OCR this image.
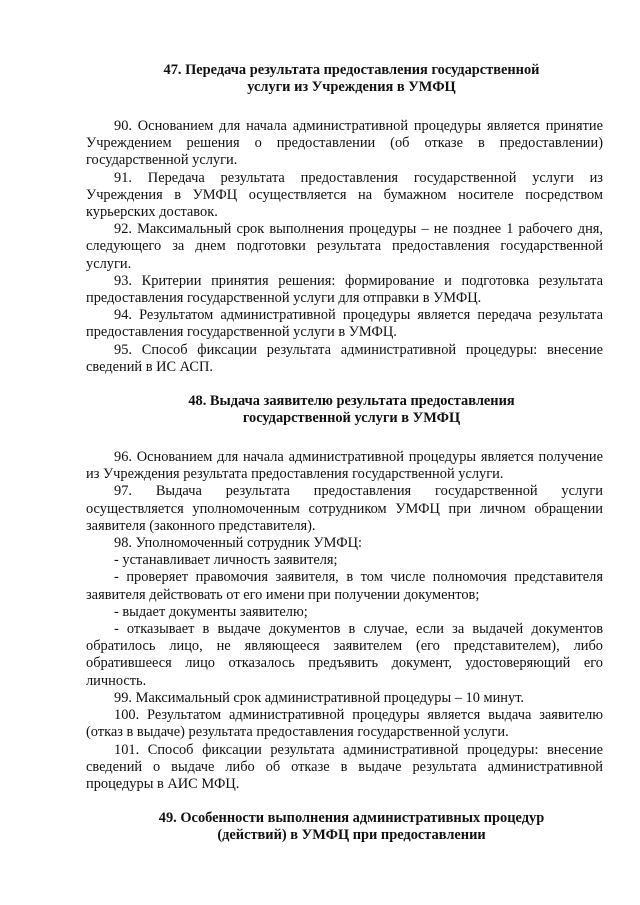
47. Передача результата предоставления государственной
услуги из Учреждения в УМФЦ

90. Основанием для начала административной процедуры является принятие Учреждением решения о предоставлении (об отказе в предоставлении) государственной услуги.

91. Передача результата предоставления государственной услуги из Учреждения в УМФЦ осуществляется на бумажном носителе посредством курьерских доставок.

92. Максимальный срок выполнения процедуры – не позднее 1 рабочего дня, следующего за днем подготовки результата предоставления государственной услуги.

93. Критерии принятия решения: формирование и подготовка результата предоставления государственной услуги для отправки в УМФЦ.

94. Результатом административной процедуры является передача результата предоставления государственной услуги в УМФЦ.

95. Способ фиксации результата административной процедуры: внесение сведений в ИС АСП.

48. Выдача заявителю результата предоставления
государственной услуги в УМФЦ

96. Основанием для начала административной процедуры является получение из Учреждения результата предоставления государственной услуги.

97. Выдача результата предоставления государственной услуги осуществляется уполномоченным сотрудником УМФЦ при личном обращении заявителя (законного представителя).

98. Уполномоченный сотрудник УМФЦ:

- устанавливает личность заявителя;

- проверяет правомочия заявителя, в том числе полномочия представителя заявителя действовать от его имени при получении документов;

- выдает документы заявителю;

- отказывает в выдаче документов в случае, если за выдачей документов обратилось лицо, не являющееся заявителем (его представителем), либо обратившееся лицо отказалось предъявить документ, удостоверяющий его личность.

99. Максимальный срок административной процедуры – 10 минут.

100. Результатом административной процедуры является выдача заявителю (отказ в выдаче) результата предоставления государственной услуги.

101. Способ фиксации результата административной процедуры: внесение сведений о выдаче либо об отказе в выдаче результата административной процедуры в АИС МФЦ.

49. Особенности выполнения административных процедур
(действий) в УМФЦ при предоставлении
